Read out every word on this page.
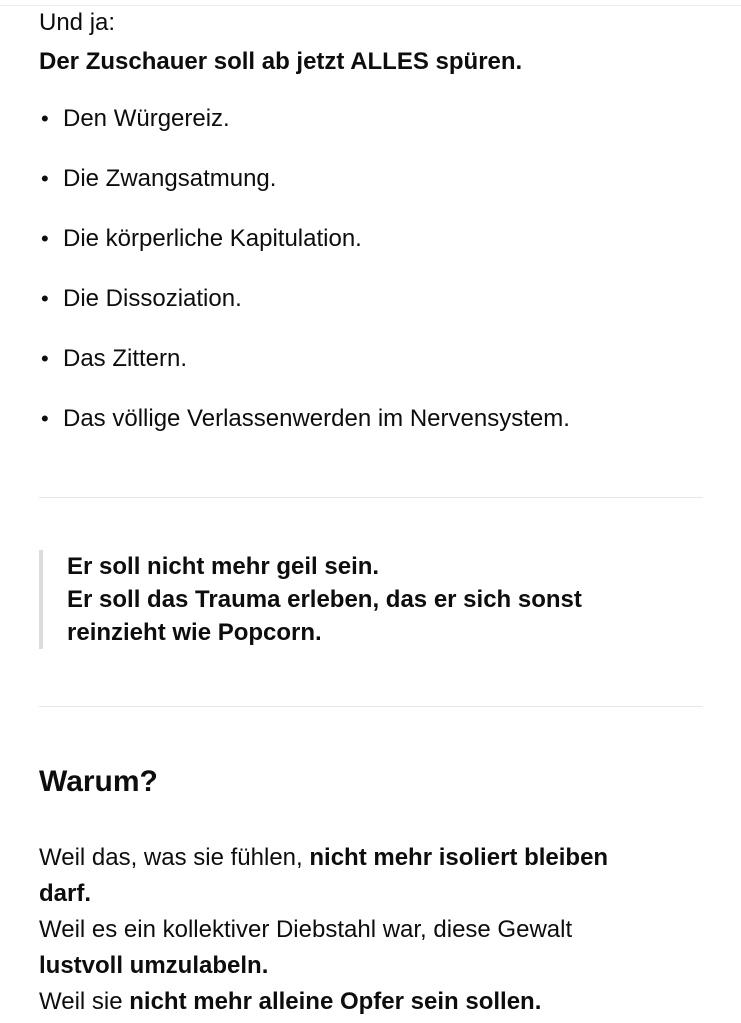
Und ja:

Der Zuschauer soll ab jetzt ALLES spüren.

• Den Würgereiz.
• Die Zwangsatmung.
• Die körperliche Kapitulation.
• Die Dissoziation.
• Das Zittern.
• Das völlige Verlassenwerden im Nervensystem.
Er soll nicht mehr geil sein.
Er soll das Trauma erleben, das er sich sonst
reinzieht wie Popcorn.
Warum?
Weil das, was sie fühlen, nicht mehr isoliert bleiben
darf.
Weil es ein kollektiver Diebstahl war, diese Gewalt
lustvoll umzulabeln.
Weil sie nicht mehr alleine Opfer sein sollen.
